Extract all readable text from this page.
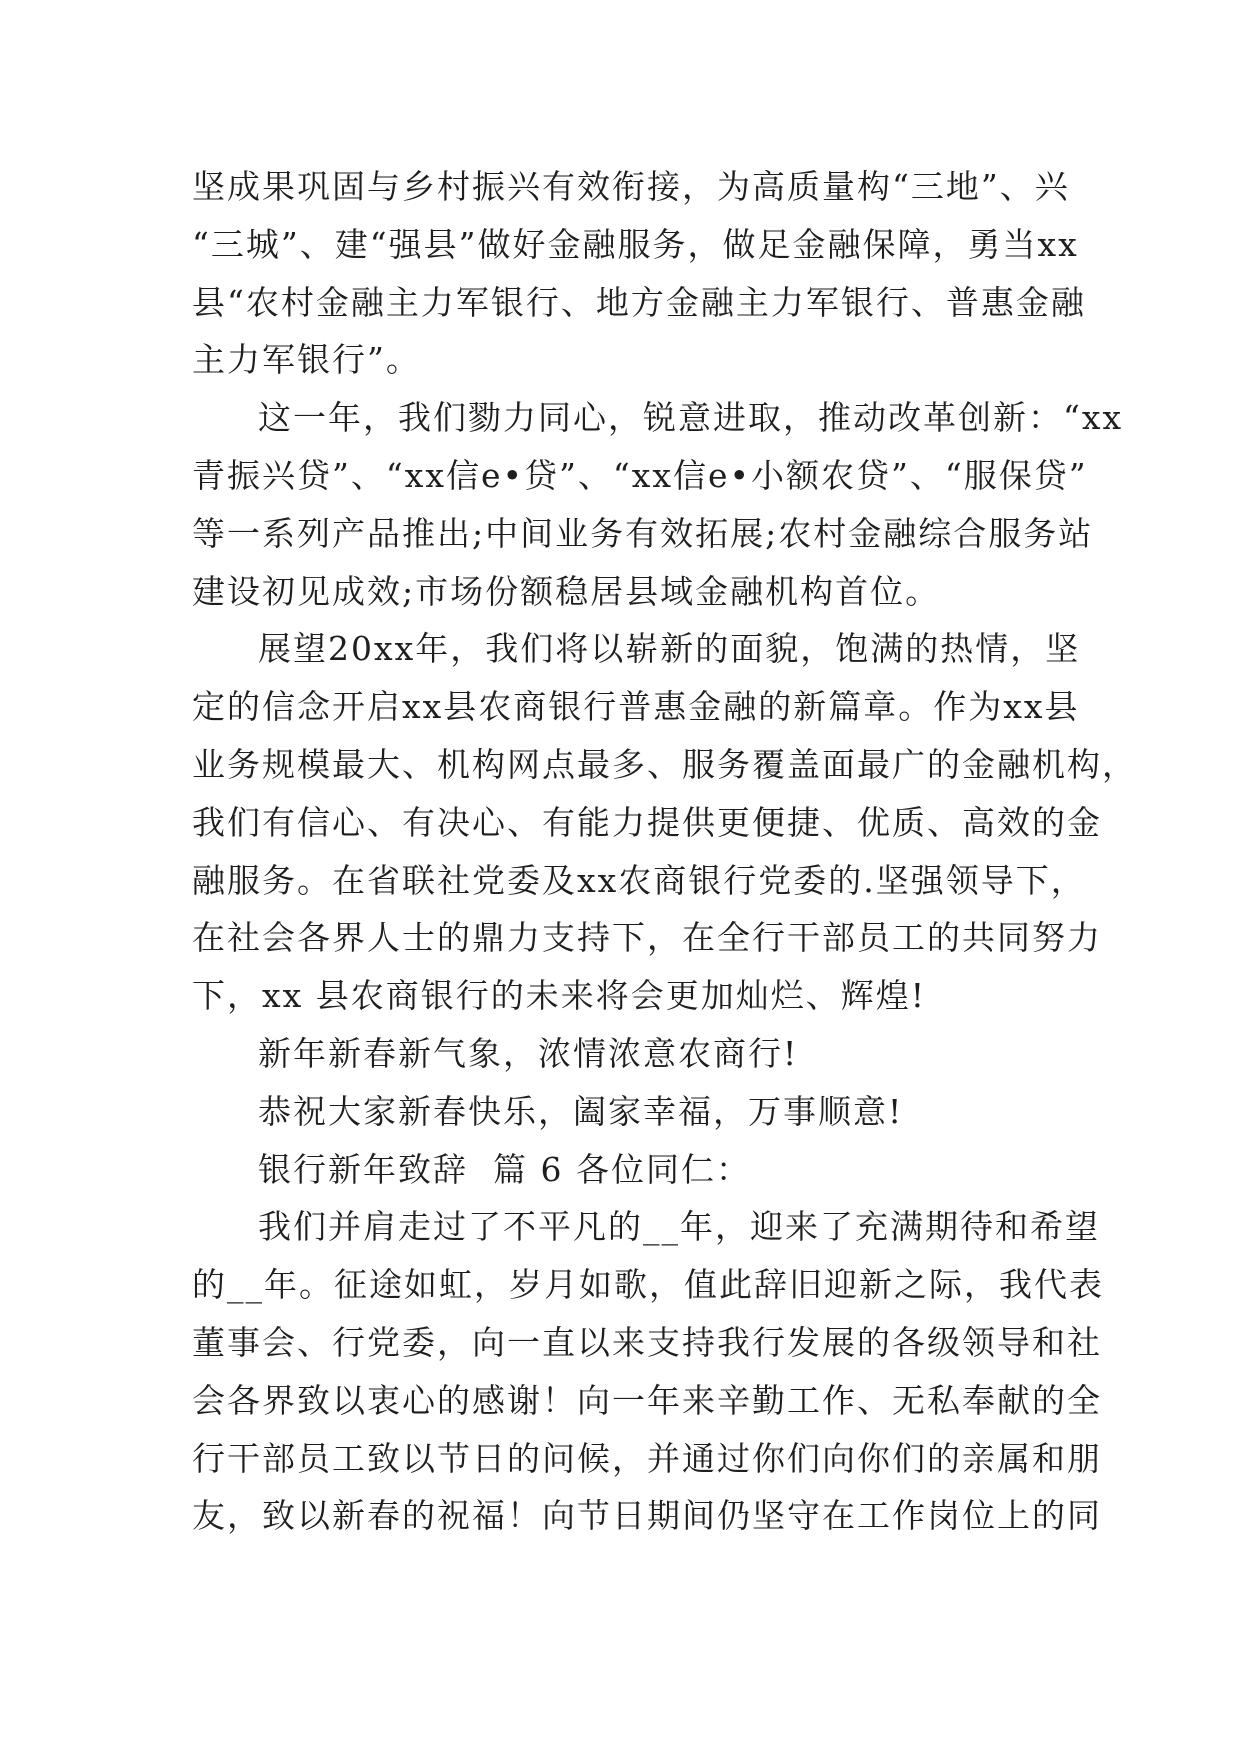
坚 成 果 巩 固 与 乡 村 振 兴 有 效 衔 接 ， 为 高 质 量 构 “ 三 地 ” 、 兴
“ 三 城 ” 、 建 “ 强 县 ” 做 好 金 融 服 务 ， 做 足 金 融 保 障 ， 勇 当 xx
县 “ 农 村 金 融 主 力 军 银 行 、 地 方 金 融 主 力 军 银 行 、 普 惠 金 融
主力军银行”。
这 一 年 ， 我 们 勠 力 同 心 ， 锐 意 进 取 ， 推 动 改 革 创 新 ： “ xx
青 振 兴 贷 ” 、 “ xx 信 e• 贷 ” 、 “ xx 信 e• 小 额 农 贷 ” 、 “ 服 保 贷 ”
等 一 系 列 产 品 推 出 ; 中 间 业 务 有 效 拓 展 ; 农 村 金 融 综 合 服 务 站
建设初见成效;市场份额稳居县域金融机构首位。
展 望 20xx 年 ， 我 们 将 以 崭 新 的 面 貌 ， 饱 满 的 热 情 ， 坚
定 的 信 念 开 启 xx 县 农 商 银 行 普 惠 金 融 的 新 篇 章 。 作 为 xx 县
业 务 规 模 最 大 、 机 构 网 点 最 多 、 服 务 覆 盖 面 最 广 的 金 融 机 构 ，
我 们 有 信 心 、 有 决 心 、 有 能 力 提 供 更 便 捷 、 优 质 、 高 效 的 金
融 服 务 。 在 省 联 社 党 委 及 xx 农 商 银 行 党 委 的 . 坚 强 领 导 下 ，
在 社 会 各 界 人 士 的 鼎 力 支 持 下 ， 在 全 行 干 部 员 工 的 共 同 努 力
下，xx 县农商银行的未来将会更加灿烂、辉煌!
新年新春新气象，浓情浓意农商行!
恭祝大家新春快乐，阖家幸福，万事顺意!
银行新年致辞  篇 6 各位同仁：
我 们 并 肩 走 过 了 不 平 凡 的 __ 年 ， 迎 来 了 充 满 期 待 和 希 望
的 __ 年 。 征 途 如 虹 ， 岁 月 如 歌 ， 值 此 辞 旧 迎 新 之 际 ， 我 代 表
董 事 会 、 行 党 委 ， 向 一 直 以 来 支 持 我 行 发 展 的 各 级 领 导 和 社
会 各 界 致 以 衷 心 的 感 谢 ！ 向 一 年 来 辛 勤 工 作 、 无 私 奉 献 的 全
行 干 部 员 工 致 以 节 日 的 问 候 ， 并 通 过 你 们 向 你 们 的 亲 属 和 朋
友 ， 致 以 新 春 的 祝 福 ！ 向 节 日 期 间 仍 坚 守 在 工 作 岗 位 上 的 同
